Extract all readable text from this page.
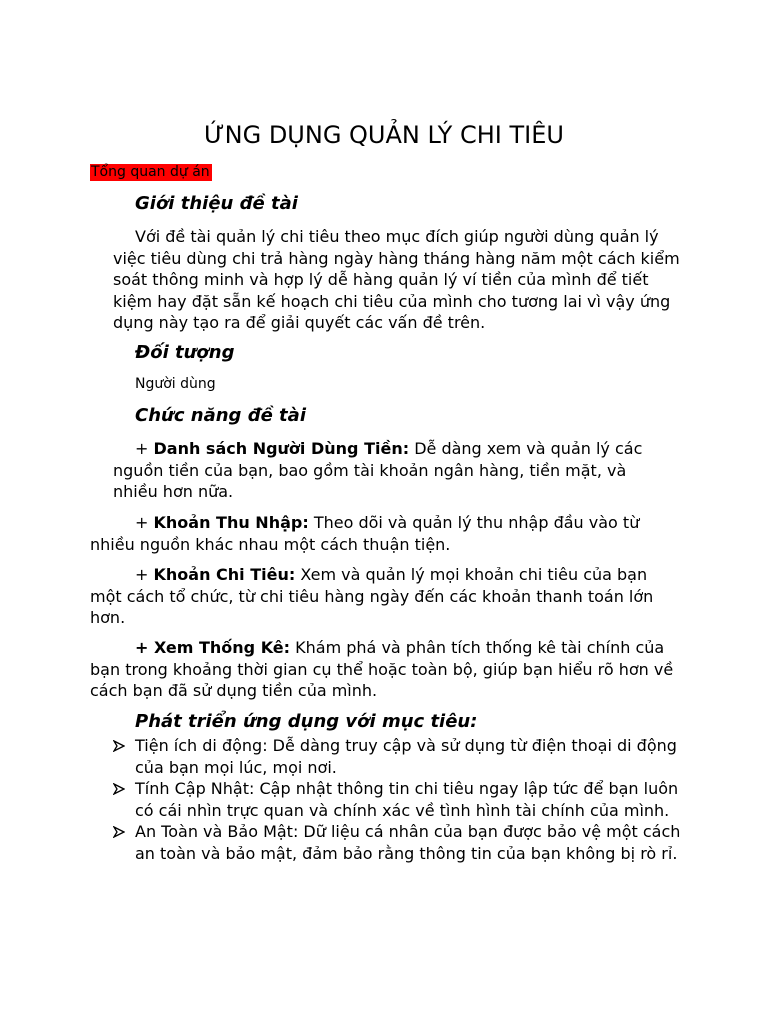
ỨNG DỤNG QUẢN LÝ CHI TIÊU
Tổng quan dự án
Giới thiệu đề tài

Với đề tài quản lý chi tiêu theo mục đích giúp người dùng quản lý việc tiêu dùng chi trả hàng ngày hàng tháng hàng năm một cách kiểm soát thông minh và hợp lý dễ hàng quản lý ví tiền của mình để tiết kiệm hay đặt sẵn kế hoạch chi tiêu của mình cho tương lai vì vậy ứng dụng này tạo ra để giải quyết các vấn đề trên.

Đối tượng
Người dùng
Chức năng đề tài

+ Danh sách Người Dùng Tiền: Dễ dàng xem và quản lý các nguồn tiền của bạn, bao gồm tài khoản ngân hàng, tiền mặt, và nhiều hơn nữa.

+ Khoản Thu Nhập: Theo dõi và quản lý thu nhập đầu vào từ nhiều nguồn khác nhau một cách thuận tiện.

+ Khoản Chi Tiêu: Xem và quản lý mọi khoản chi tiêu của bạn một cách tổ chức, từ chi tiêu hàng ngày đến các khoản thanh toán lớn hơn.

+ Xem Thống Kê: Khám phá và phân tích thống kê tài chính của bạn trong khoảng thời gian cụ thể hoặc toàn bộ, giúp bạn hiểu rõ hơn về cách bạn đã sử dụng tiền của mình.

Phát triển ứng dụng với mục tiêu:
Tiện ích di động: Dễ dàng truy cập và sử dụng từ điện thoại di động của bạn mọi lúc, mọi nơi.
Tính Cập Nhật: Cập nhật thông tin chi tiêu ngay lập tức để bạn luôn có cái nhìn trực quan và chính xác về tình hình tài chính của mình.
An Toàn và Bảo Mật: Dữ liệu cá nhân của bạn được bảo vệ một cách an toàn và bảo mật, đảm bảo rằng thông tin của bạn không bị rò rỉ.
